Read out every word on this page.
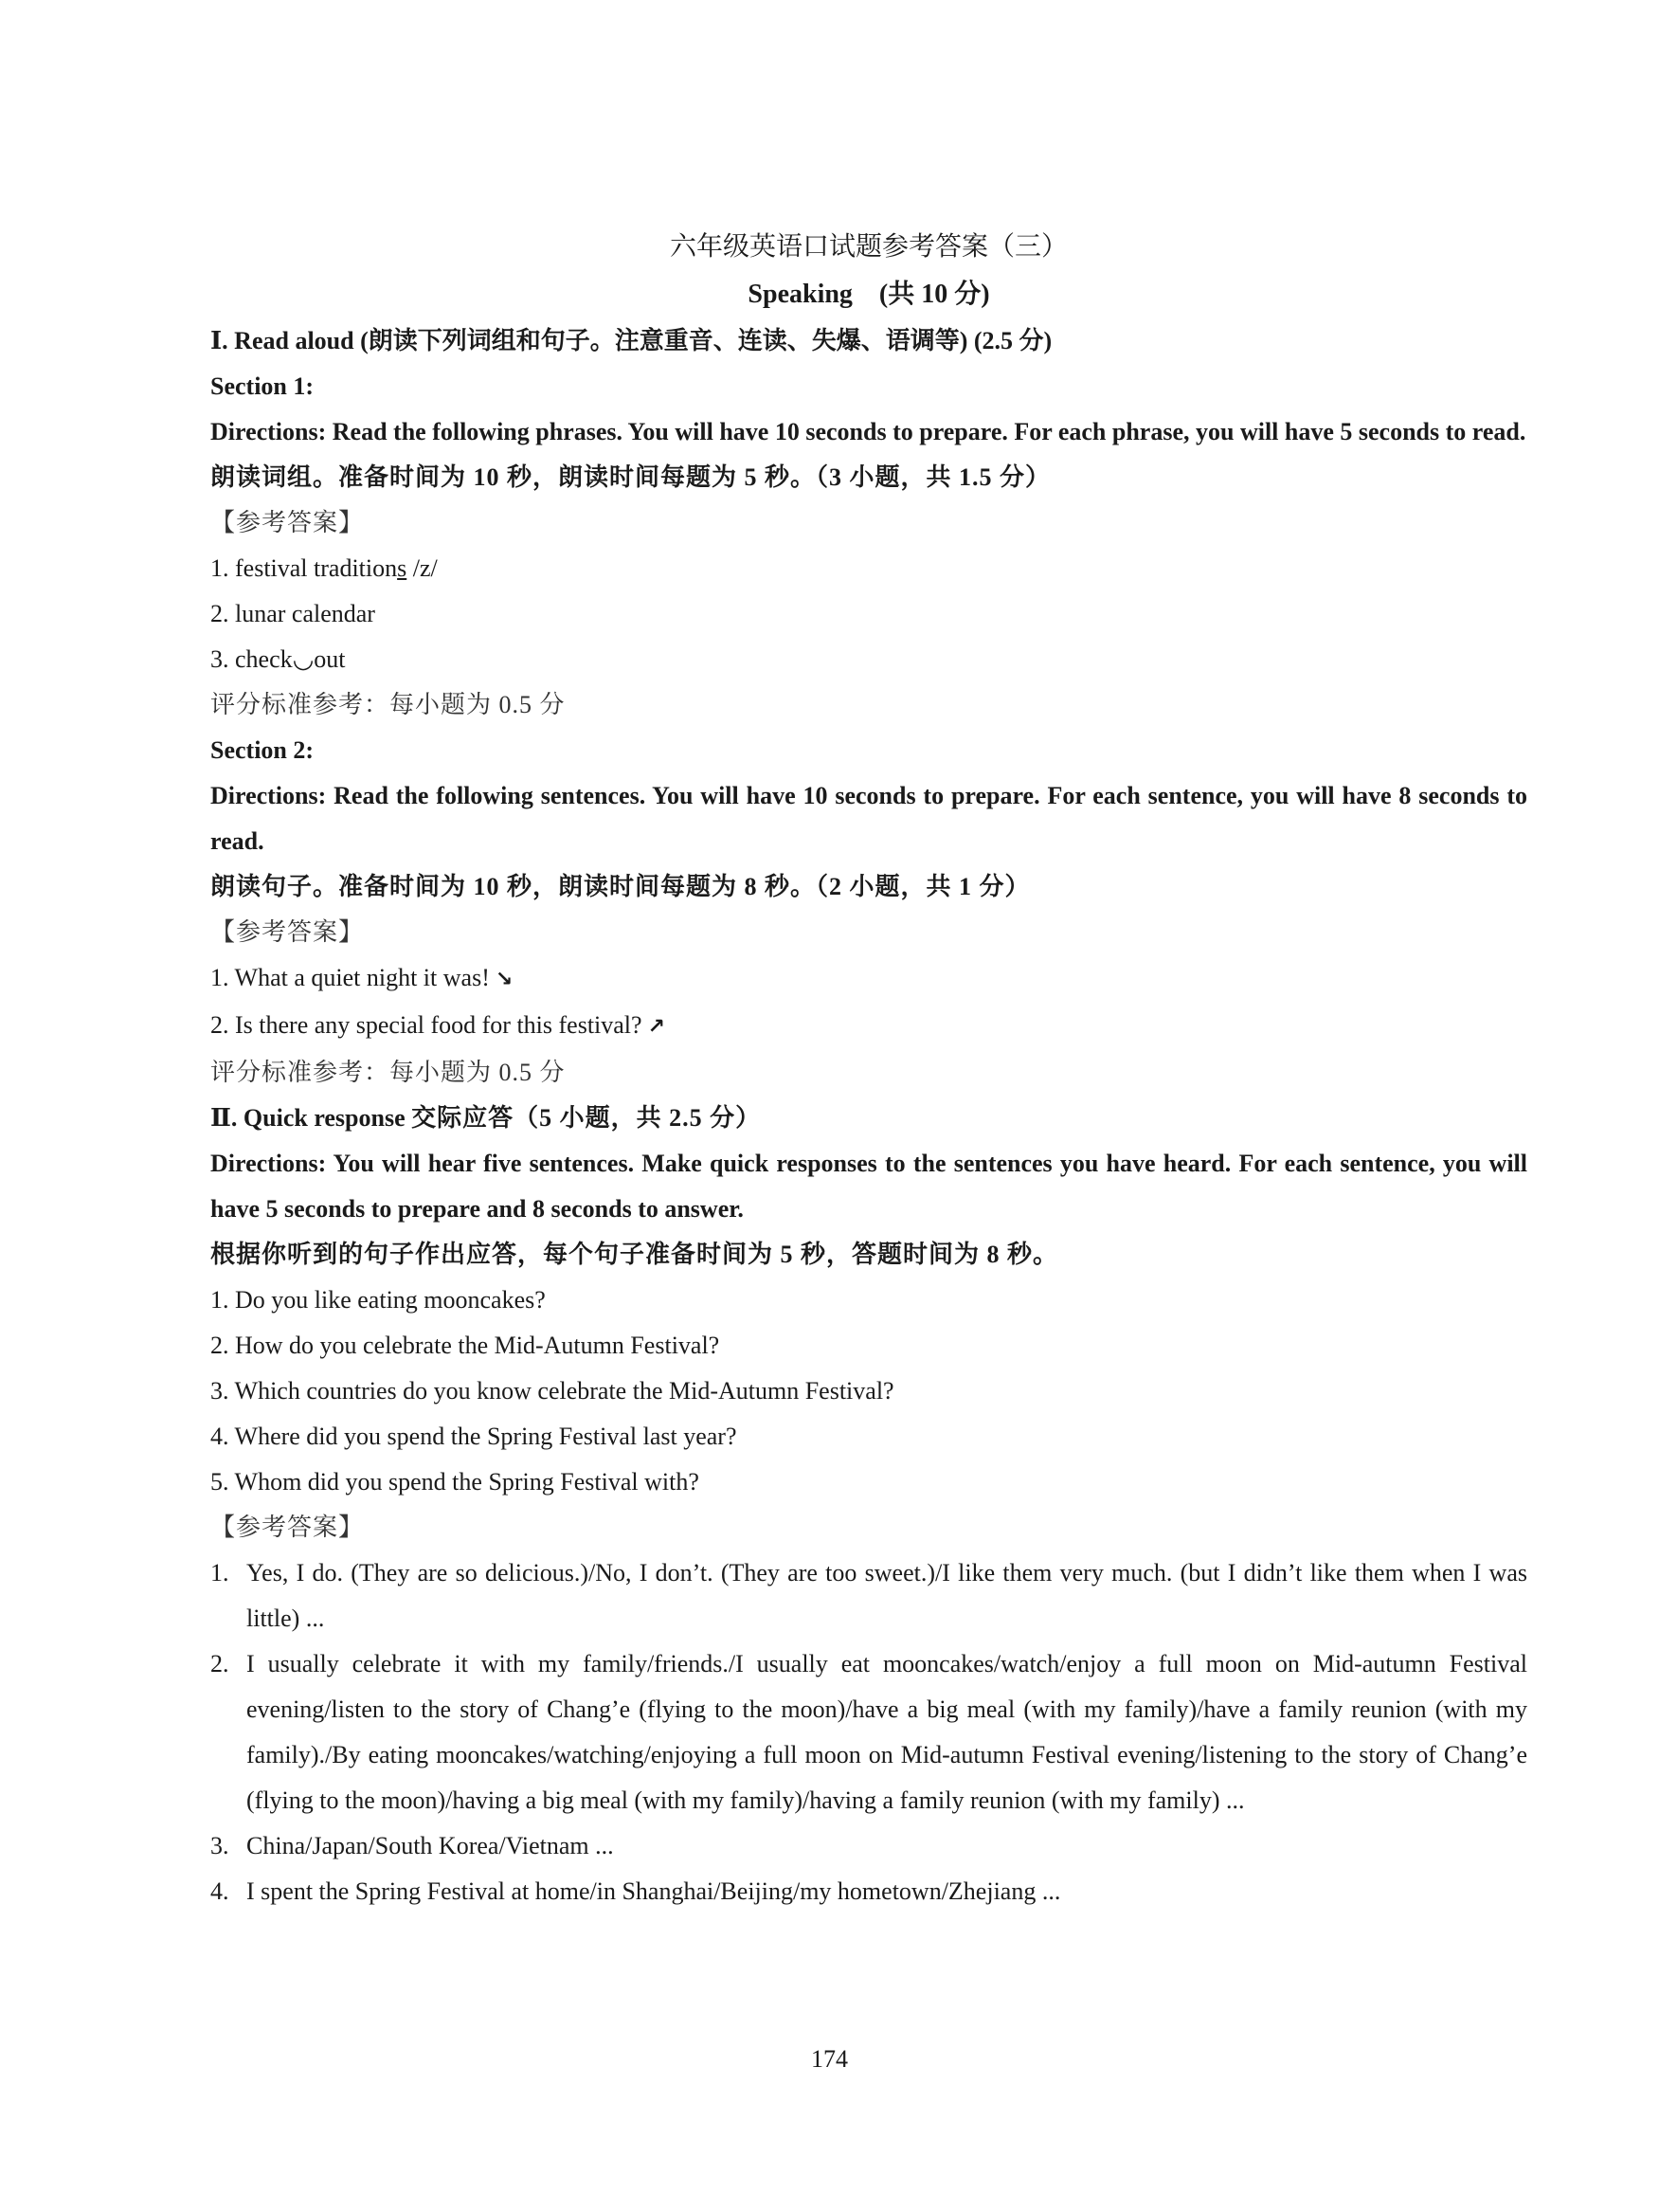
六年级英语口试题参考答案（三）
Speaking　(共 10 分)
Ⅰ. Read aloud (朗读下列词组和句子。注意重音、连读、失爆、语调等) (2.5 分)
Section 1:
Directions: Read the following phrases. You will have 10 seconds to prepare. For each phrase, you will have 5 seconds to read.
朗读词组。准备时间为 10 秒，朗读时间每题为 5 秒。（3 小题，共 1.5 分）
【参考答案】
1. festival traditions /z/
2. lunar calendar
3. check◡out
评分标准参考：每小题为 0.5 分
Section 2:
Directions: Read the following sentences. You will have 10 seconds to prepare. For each sentence, you will have 8 seconds to read.
朗读句子。准备时间为 10 秒，朗读时间每题为 8 秒。（2 小题，共 1 分）
【参考答案】
1. What a quiet night it was! ↘
2. Is there any special food for this festival? ↗
评分标准参考：每小题为 0.5 分
Ⅱ. Quick response 交际应答（5 小题，共 2.5 分）
Directions: You will hear five sentences. Make quick responses to the sentences you have heard. For each sentence, you will have 5 seconds to prepare and 8 seconds to answer.
根据你听到的句子作出应答，每个句子准备时间为 5 秒，答题时间为 8 秒。
1. Do you like eating mooncakes?
2. How do you celebrate the Mid-Autumn Festival?
3. Which countries do you know celebrate the Mid-Autumn Festival?
4. Where did you spend the Spring Festival last year?
5. Whom did you spend the Spring Festival with?
【参考答案】
1. Yes, I do. (They are so delicious.)/No, I don’t. (They are too sweet.)/I like them very much. (but I didn’t like them when I was little) ...
2. I usually celebrate it with my family/friends./I usually eat mooncakes/watch/enjoy a full moon on Mid-autumn Festival evening/listen to the story of Chang’e (flying to the moon)/have a big meal (with my family)/have a family reunion (with my family)./By eating mooncakes/watching/enjoying a full moon on Mid-autumn Festival evening/listening to the story of Chang’e (flying to the moon)/having a big meal (with my family)/having a family reunion (with my family) ...
3. China/Japan/South Korea/Vietnam ...
4. I spent the Spring Festival at home/in Shanghai/Beijing/my hometown/Zhejiang ...
174
